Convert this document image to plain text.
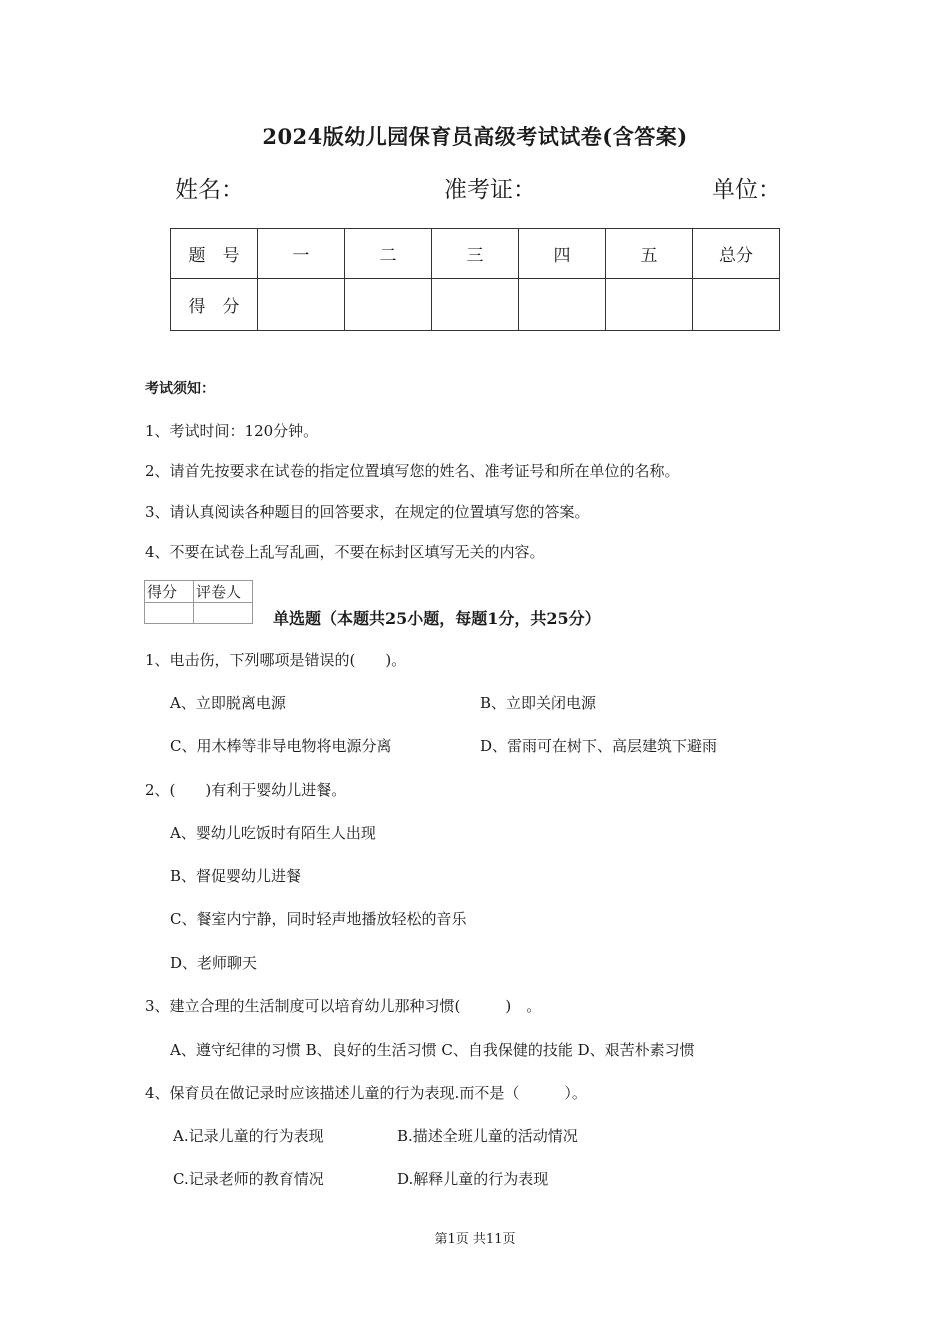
2024版幼儿园保育员高级考试试卷(含答案)
姓名：	准考证：	单位：
题　号	一	二	三	四	五	总分
得　分						
考试须知：
1、考试时间：120分钟。
2、请首先按要求在试卷的指定位置填写您的姓名、准考证号和所在单位的名称。
3、请认真阅读各种题目的回答要求，在规定的位置填写您的答案。
4、不要在试卷上乱写乱画，不要在标封区填写无关的内容。
得分	评卷人

单选题（本题共25小题，每题1分，共25分）
1、电击伤，下列哪项是错误的(　　)。
A、立即脱离电源	B、立即关闭电源
C、用木棒等非导电物将电源分离	D、雷雨可在树下、高层建筑下避雨
2、(　　)有利于婴幼儿进餐。
A、婴幼儿吃饭时有陌生人出现
B、督促婴幼儿进餐
C、餐室内宁静，同时轻声地播放轻松的音乐
D、老师聊天
3、建立合理的生活制度可以培育幼儿那种习惯(　　　)　。
A、遵守纪律的习惯 B、良好的生活习惯 C、自我保健的技能 D、艰苦朴素习惯
4、保育员在做记录时应该描述儿童的行为表现.而不是（　　　）。
A.记录儿童的行为表现	B.描述全班儿童的活动情况
C.记录老师的教育情况	D.解释儿童的行为表现
第1页 共11页
